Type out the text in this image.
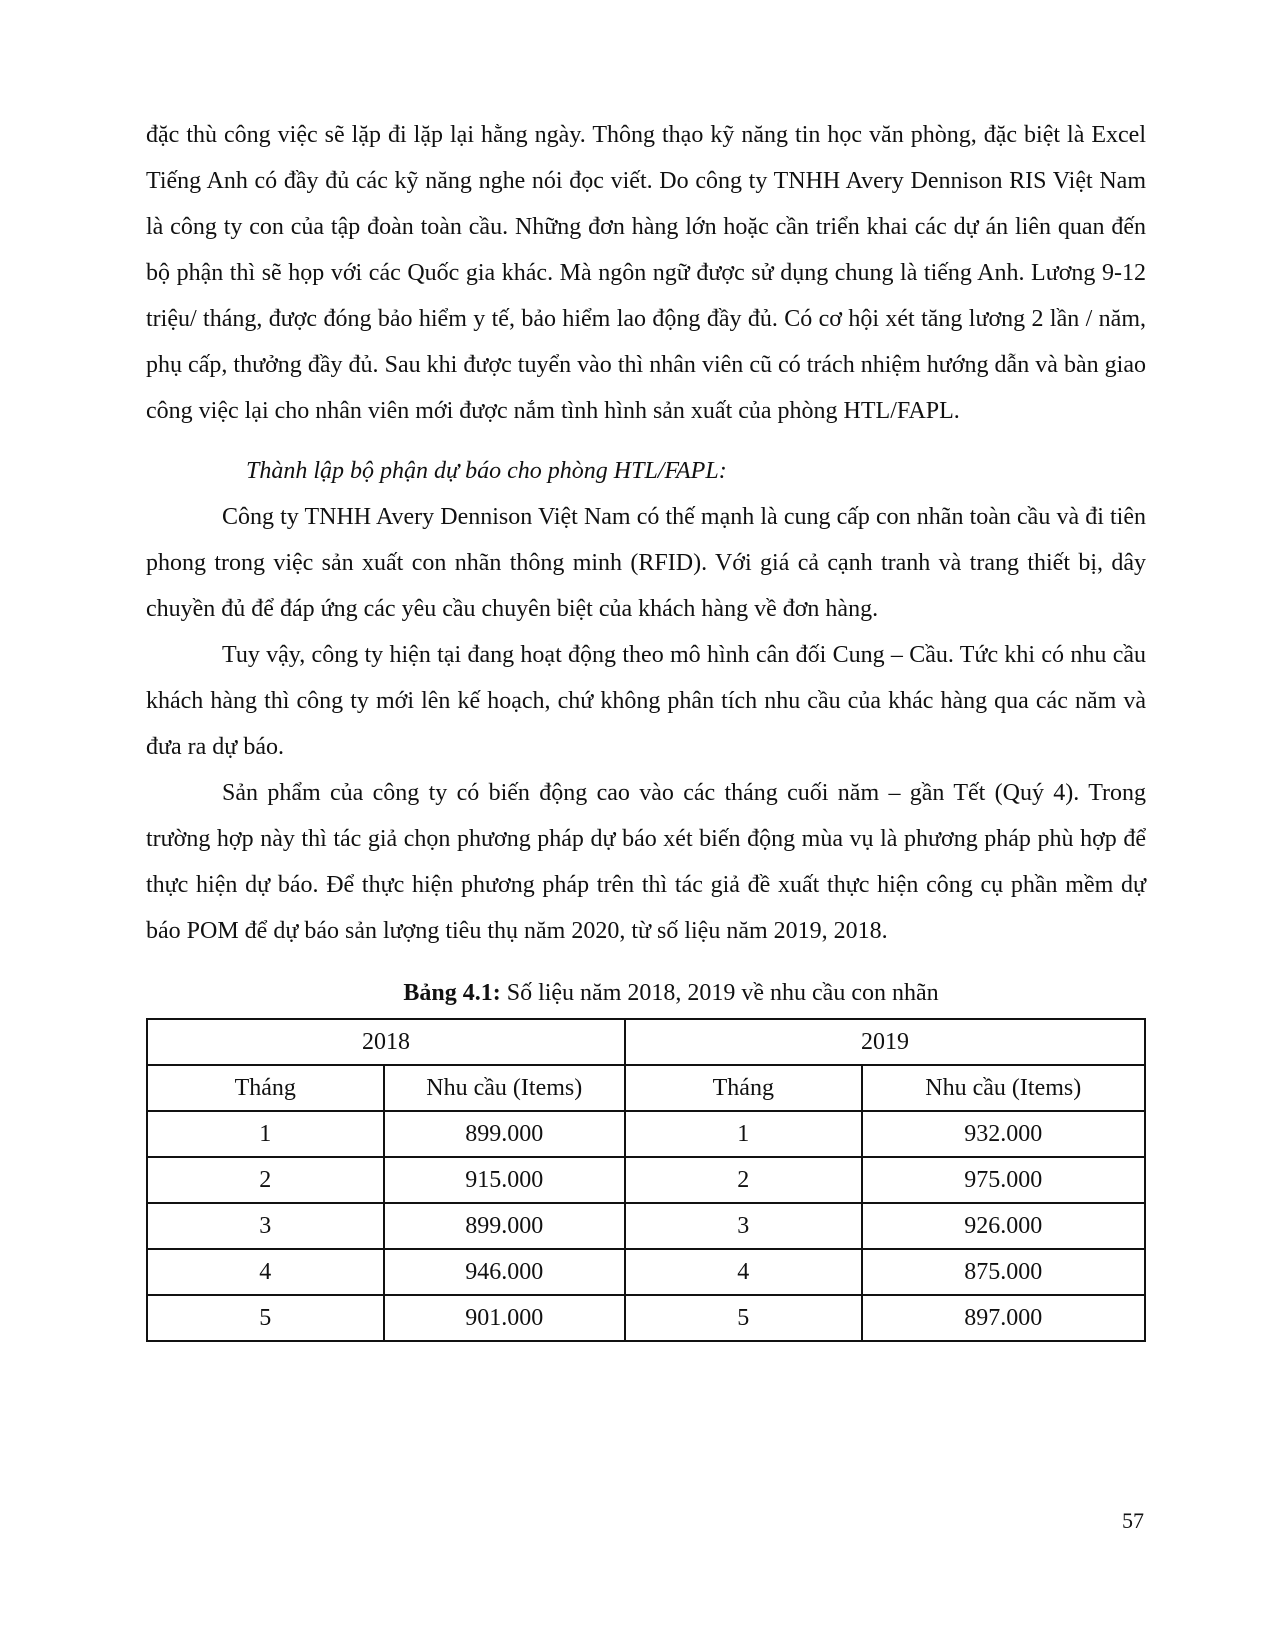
đặc thù công việc sẽ lặp đi lặp lại hằng ngày. Thông thạo kỹ năng tin học văn phòng, đặc biệt là Excel Tiếng Anh có đầy đủ các kỹ năng nghe nói đọc viết. Do công ty TNHH Avery Dennison RIS Việt Nam là công ty con của tập đoàn toàn cầu. Những đơn hàng lớn hoặc cần triển khai các dự án liên quan đến bộ phận thì sẽ họp với các Quốc gia khác. Mà ngôn ngữ được sử dụng chung là tiếng Anh. Lương 9-12 triệu/ tháng, được đóng bảo hiểm y tế, bảo hiểm lao động đầy đủ. Có cơ hội xét tăng lương 2 lần / năm, phụ cấp, thưởng đầy đủ. Sau khi được tuyển vào thì nhân viên cũ có trách nhiệm hướng dẫn và bàn giao công việc lại cho nhân viên mới được nắm tình hình sản xuất của phòng HTL/FAPL.

Thành lập bộ phận dự báo cho phòng HTL/FAPL:

Công ty TNHH Avery Dennison Việt Nam có thế mạnh là cung cấp con nhãn toàn cầu và đi tiên phong trong việc sản xuất con nhãn thông minh (RFID). Với giá cả cạnh tranh và trang thiết bị, dây chuyền đủ để đáp ứng các yêu cầu chuyên biệt của khách hàng về đơn hàng.

Tuy vậy, công ty hiện tại đang hoạt động theo mô hình cân đối Cung – Cầu. Tức khi có nhu cầu khách hàng thì công ty mới lên kế hoạch, chứ không phân tích nhu cầu của khác hàng qua các năm và đưa ra dự báo.

Sản phẩm của công ty có biến động cao vào các tháng cuối năm – gần Tết (Quý 4). Trong trường hợp này thì tác giả chọn phương pháp dự báo xét biến động mùa vụ là phương pháp phù hợp để thực hiện dự báo. Để thực hiện phương pháp trên thì tác giả đề xuất thực hiện công cụ phần mềm dự báo POM để dự báo sản lượng tiêu thụ năm 2020, từ số liệu năm 2019, 2018.

Bảng 4.1: Số liệu năm 2018, 2019 về nhu cầu con nhãn

2018		2019	
Tháng	Nhu cầu (Items)	Tháng	Nhu cầu (Items)
1	899.000	1	932.000
2	915.000	2	975.000
3	899.000	3	926.000
4	946.000	4	875.000
5	901.000	5	897.000
57
